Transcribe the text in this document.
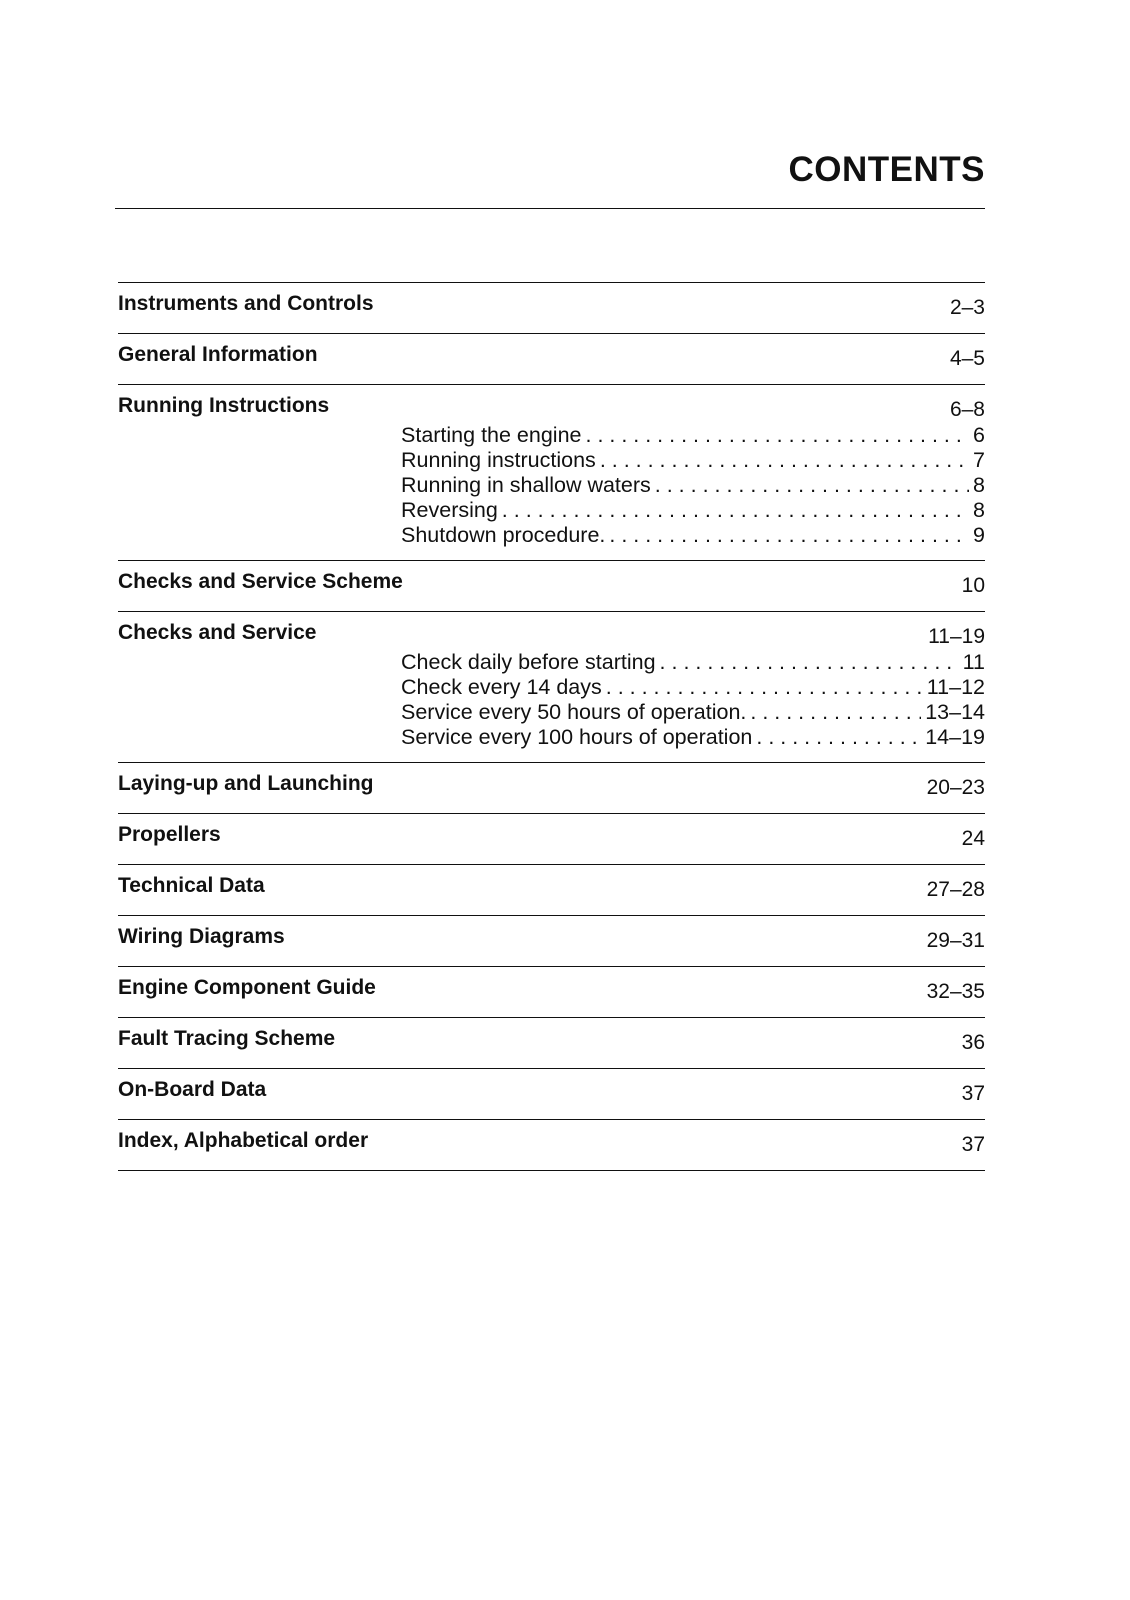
CONTENTS
Instruments and Controls	2–3
General Information	4–5
Running Instructions	6–8
Starting the engine . . .	6
Running instructions . . .	7
Running in shallow waters . . .	8
Reversing . . .	8
Shutdown procedure. . . .	9
Checks and Service Scheme	10
Checks and Service	11–19
Check daily before starting . . .	11
Check every 14 days . . .	11–12
Service every 50 hours of operation. . . .	13–14
Service every 100 hours of operation . . .	14–19
Laying-up and Launching	20–23
Propellers	24
Technical Data	27–28
Wiring Diagrams	29–31
Engine Component Guide	32–35
Fault Tracing Scheme	36
On-Board Data	37
Index, Alphabetical order	37
